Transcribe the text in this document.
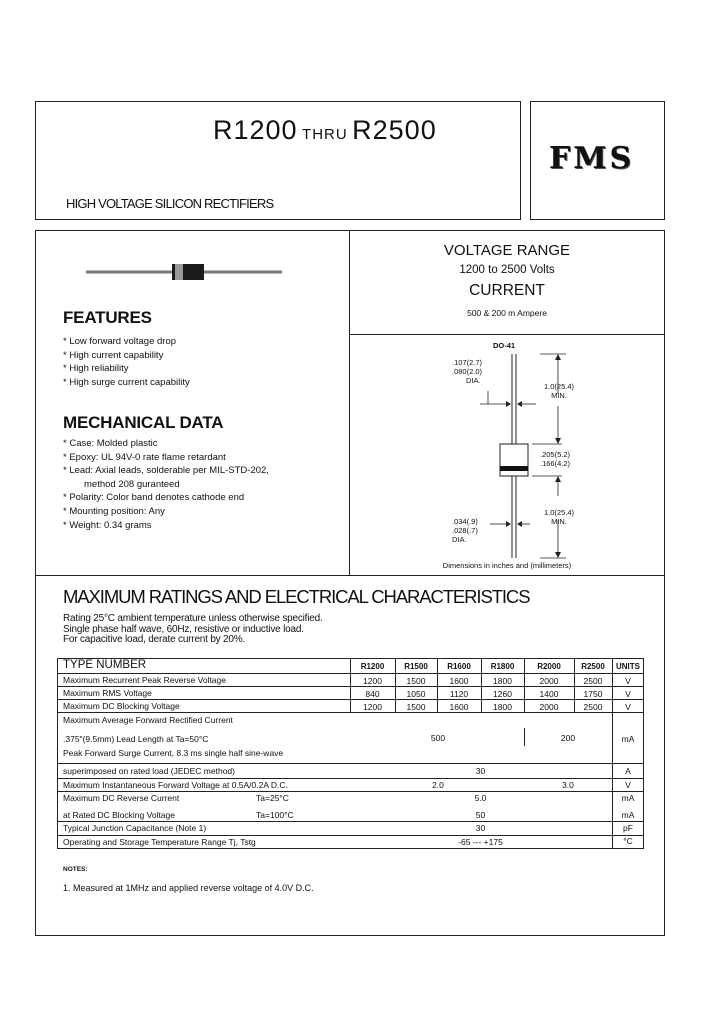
R1200 THRU R2500
HIGH VOLTAGE SILICON RECTIFIERS
FMS
FEATURES
* Low forward voltage drop
* High current capability
* High reliability
* High surge current capability
MECHANICAL DATA
* Case: Molded plastic
* Epoxy: UL 94V-0 rate flame retardant
* Lead: Axial leads, solderable per MIL-STD-202,
method 208 guranteed
* Polarity: Color band denotes cathode end
* Mounting position: Any
* Weight: 0.34 grams
VOLTAGE RANGE
1200 to 2500 Volts
CURRENT
500 & 200 m Ampere
DO-41
.107(2.7)
.080(2.0)
DIA.
1.0(25.4)
MIN.
.205(5.2)
.166(4.2)
1.0(25.4)
MIN.
.034(.9)
.028(.7)
DIA.
Dimensions in inches and (millimeters)
MAXIMUM RATINGS AND ELECTRICAL CHARACTERISTICS
Rating 25°C ambient temperature unless otherwise specified.
Single phase half wave, 60Hz, resistive or inductive load.
For capacitive load, derate current by 20%.
TYPE NUMBER	R1200	R1500	R1600	R1800	R2000	R2500	UNITS
Maximum Recurrent Peak Reverse Voltage	1200	1500	1600	1800	2000	2500	V
Maximum RMS Voltage	840	1050	1120	1260	1400	1750	V
Maximum DC Blocking Voltage	1200	1500	1600	1800	2000	2500	V
Maximum Average Forward Rectified Current
.375"(9.5mm) Lead Length at Ta=50°C	500	200	mA
Peak Forward Surge Current, 8.3 ms single half sine-wave
superimposed on rated load (JEDEC method)	30	A
Maximum Instantaneous Forward Voltage at 0.5A/0.2A D.C.	2.0	3.0	V
Maximum DC Reverse Current	Ta=25°C	5.0	mA
at Rated DC Blocking Voltage	Ta=100°C	50	mA
Typical Junction Capacitance (Note 1)	30	pF
Operating and Storage Temperature Range Tj, Tstg	-65 --- +175	°C
NOTES:
1. Measured at 1MHz and applied reverse voltage of 4.0V D.C.
